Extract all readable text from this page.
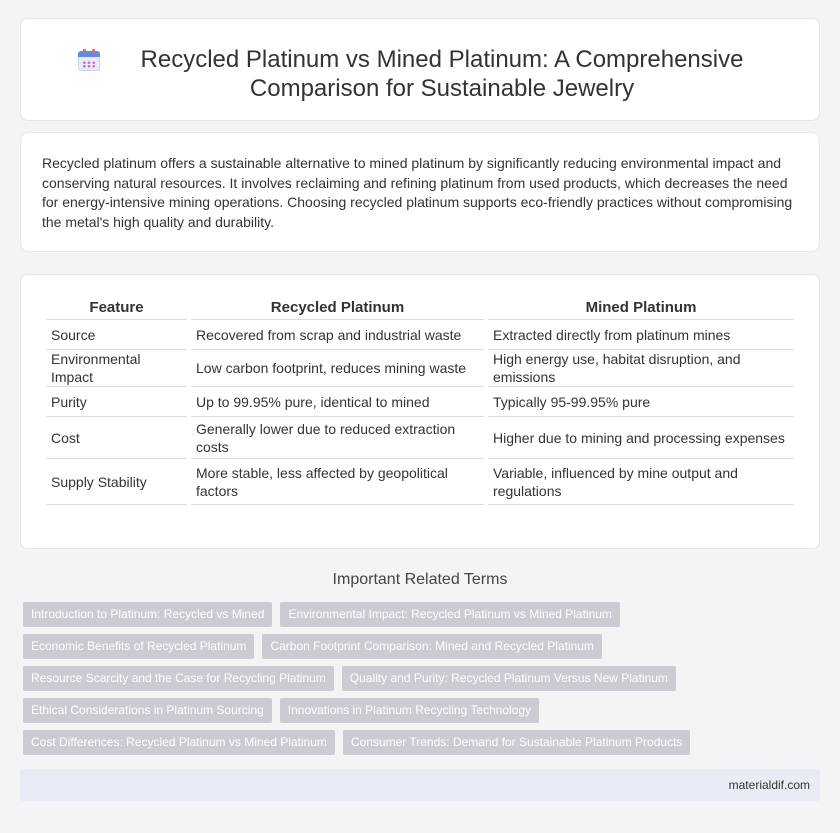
Recycled Platinum vs Mined Platinum: A Comprehensive Comparison for Sustainable Jewelry

Recycled platinum offers a sustainable alternative to mined platinum by significantly reducing environmental impact and conserving natural resources. It involves reclaiming and refining platinum from used products, which decreases the need for energy-intensive mining operations. Choosing recycled platinum supports eco-friendly practices without compromising the metal's high quality and durability.

Feature	Recycled Platinum	Mined Platinum
Source	Recovered from scrap and industrial waste	Extracted directly from platinum mines
Environmental Impact	Low carbon footprint, reduces mining waste	High energy use, habitat disruption, and emissions
Purity	Up to 99.95% pure, identical to mined	Typically 95-99.95% pure
Cost	Generally lower due to reduced extraction costs	Higher due to mining and processing expenses
Supply Stability	More stable, less affected by geopolitical factors	Variable, influenced by mine output and regulations
Important Related Terms
Introduction to Platinum: Recycled vs Mined	Environmental Impact: Recycled Platinum vs Mined Platinum
Economic Benefits of Recycled Platinum	Carbon Footprint Comparison: Mined and Recycled Platinum
Resource Scarcity and the Case for Recycling Platinum	Quality and Purity: Recycled Platinum Versus New Platinum
Ethical Considerations in Platinum Sourcing	Innovations in Platinum Recycling Technology
Cost Differences: Recycled Platinum vs Mined Platinum	Consumer Trends: Demand for Sustainable Platinum Products
materialdif.com
